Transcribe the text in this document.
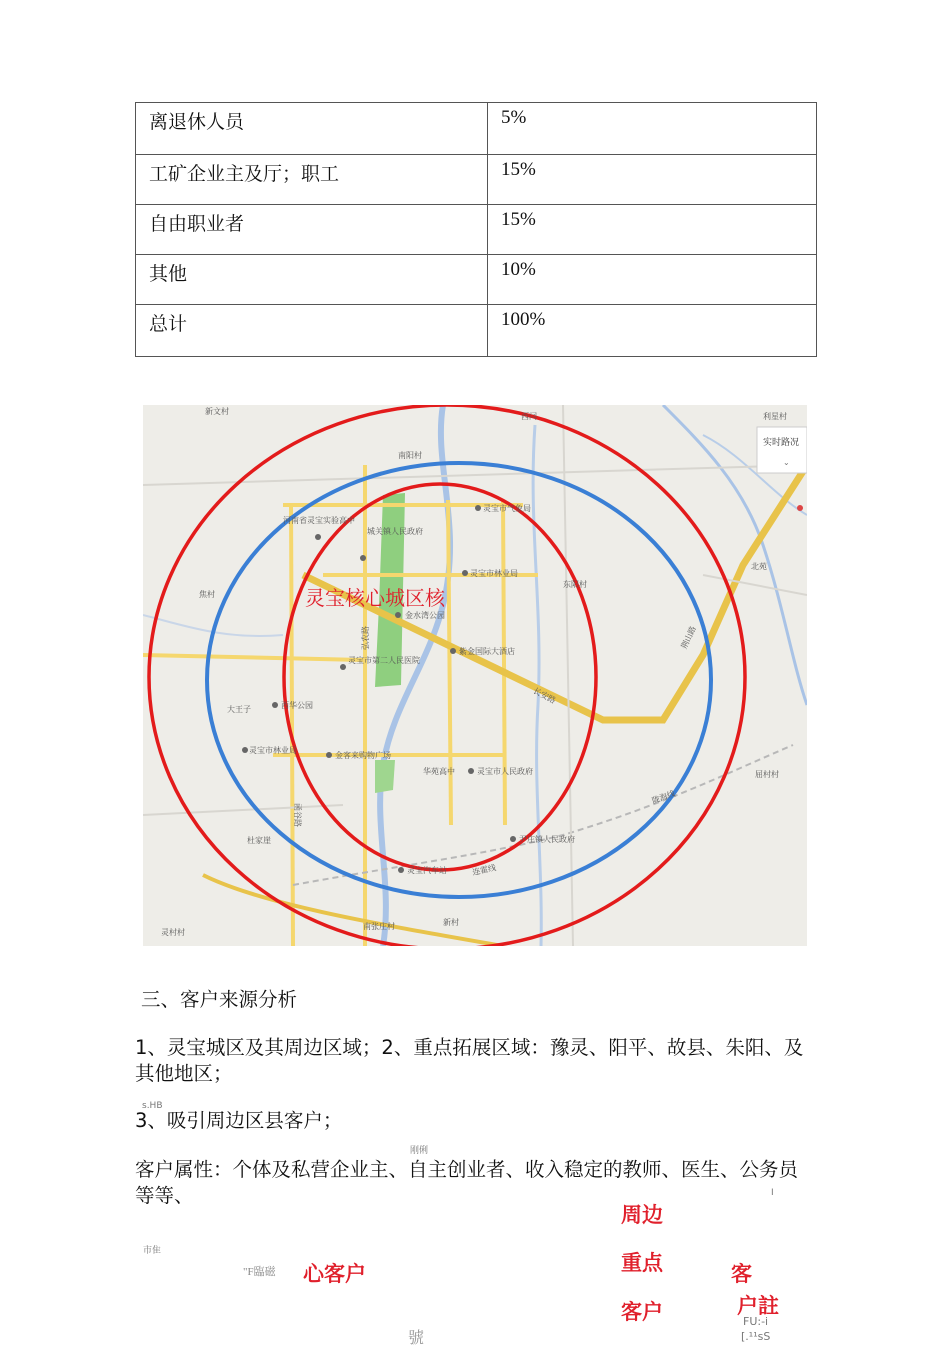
离退休人员	5%
工矿企业主及厅；职工	15%
自由职业者	15%
其他	10%
总计	100%
新文村
西闫	利星村
南阳村
焦村
大王子
杜家崖
东阳村
屈村村
新村
南张庄村
灵村村
北苑
河南省灵宝实验高中
城关镇人民政府
灵宝市气象局
灵宝市林业局
金水湾公园
紫金国际大酒店
灵宝市第二人民医院
西华公园
灵宝市林业局
金客来购物广场
华苑高中	灵宝市人民政府
尹庄镇人民政府
灵宝汽车站
弘农路
长安路
函谷路
荆山路
陇海线
连霍线
实时路况
⌄
灵宝核心城区核
三、客户来源分析
1、灵宝城区及其周边区域；2、重点拓展区域：豫灵、阳平、故县、朱阳、及其他地区；
s.HB
3、吸引周边区县客户；
刚俐
客户属性：个体及私营企业主、自主创业者、收入稳定的教师、医生、公务员等等、	I
周边
重点
客户
市隹
"F臨磁 心客户	客
户註
FU:-i
[.¹¹sS
號
